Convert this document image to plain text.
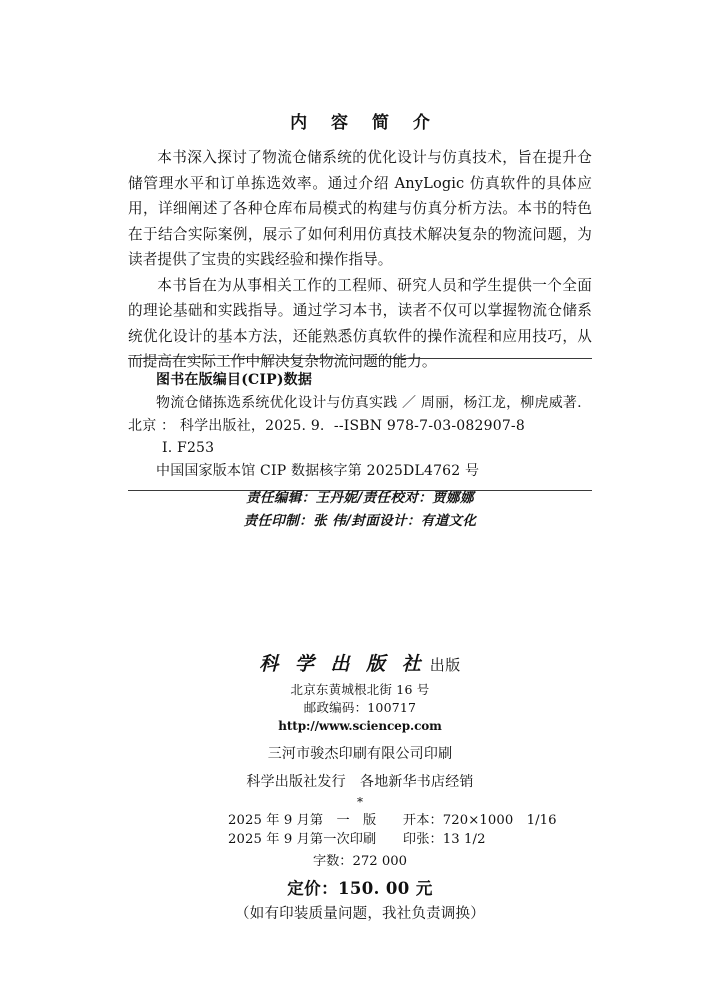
内 容 简 介

本书深入探讨了物流仓储系统的优化设计与仿真技术，旨在提升仓储管理水平和订单拣选效率。通过介绍 AnyLogic 仿真软件的具体应用，详细阐述了各种仓库布局模式的构建与仿真分析方法。本书的特色在于结合实际案例，展示了如何利用仿真技术解决复杂的物流问题，为读者提供了宝贵的实践经验和操作指导。

本书旨在为从事相关工作的工程师、研究人员和学生提供一个全面的理论基础和实践指导。通过学习本书，读者不仅可以掌握物流仓储系统优化设计的基本方法，还能熟悉仿真软件的操作流程和应用技巧，从而提高在实际工作中解决复杂物流问题的能力。

图书在版编目(CIP)数据

物流仓储拣选系统优化设计与仿真实践 ／ 周丽，杨江龙，柳虎威著.

北京 ： 科学出版社，2025. 9.  --ISBN 978-7-03-082907-8

Ⅰ. F253

中国国家版本馆 CIP 数据核字第 2025DL4762 号

责任编辑：王丹妮/责任校对：贾娜娜

责任印制：张 伟/封面设计：有道文化

科 学 出 版 社 出版

北京东黄城根北街 16 号

邮政编码：100717

http://www.sciencep.com

三河市骏杰印刷有限公司印刷

科学出版社发行　各地新华书店经销

*

2025 年 9 月第　一　版　　开本：720×1000　1/16

2025 年 9 月第一次印刷　　印张：13 1/2

字数：272 000

定价：150. 00 元

（如有印装质量问题，我社负责调换）
